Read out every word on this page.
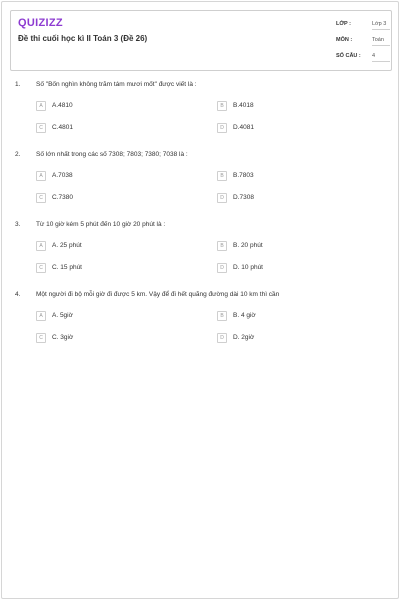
QUIZIZZ
Đề thi cuối học kì II Toán 3 (Đề 26)
LỚP :	Lớp 3
MÔN :	Toán
SỐ CÂU : 4
1. Số "Bốn nghìn không trăm tám mươi mốt" được viết là :
A	A.4810	B	B.4018
C	C.4801	D	D.4081
2. Số lớn nhất trong các số 7308; 7803; 7380; 7038 là :
A	A.7038	B	B.7803
C	C.7380	D	D.7308
3. Từ 10 giờ kém 5 phút đến 10 giờ 20 phút là :
A	A. 25 phút	B	B. 20 phút
C	C. 15 phút	D	D. 10 phút
4. Một người đi bộ mỗi giờ đi được 5 km. Vậy để đi hết quãng đường dài 10 km thì cần
A	A. 5giờ	B	B. 4 giờ
C	C. 3giờ	D	D. 2giờ
